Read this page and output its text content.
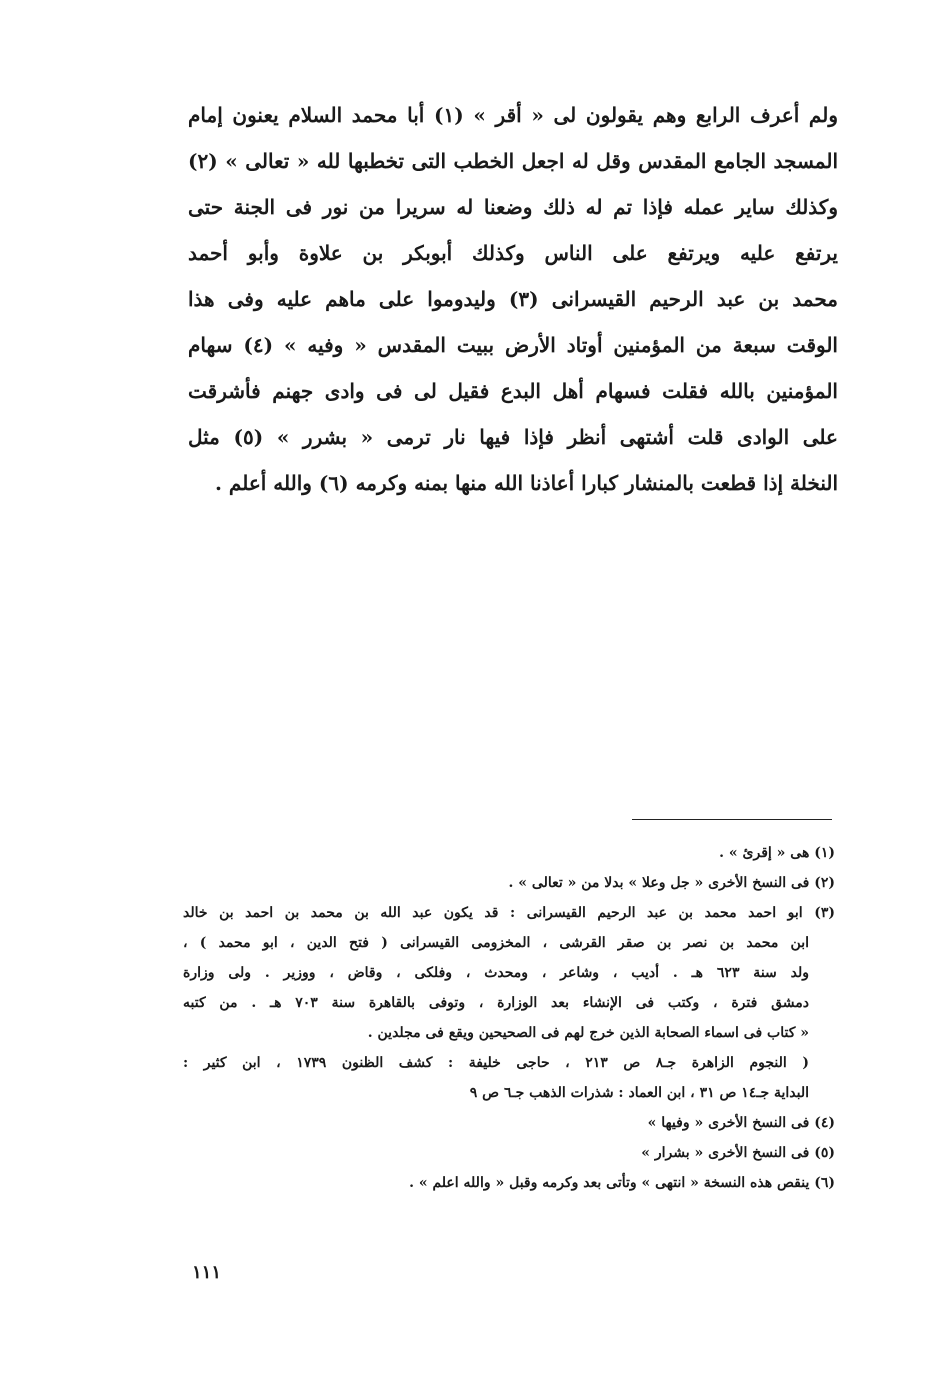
ولم أعرف الرابع وهم يقولون لى « أقر » (١) أبا محمد السلام يعنون إمام
المسجد الجامع المقدس وقل له اجعل الخطب التى تخطبها لله « تعالى » (٢)
وكذلك ساير عمله فإذا تم له ذلك وضعنا له سريرا من نور فى الجنة حتى
يرتفع عليه ويرتفع على الناس وكذلك أبوبكر بن علاوة وأبو أحمد
محمد بن عبد الرحيم القيسرانى (٣) وليدوموا على ماهم عليه وفى هذا
الوقت سبعة من المؤمنين أوتاد الأرض ببيت المقدس « وفيه » (٤) سهام
المؤمنين بالله فقلت فسهام أهل البدع فقيل لى فى وادى جهنم فأشرقت
على الوادى قلت أشتهى أنظر فإذا فيها نار ترمى « بشرر » (٥) مثل
النخلة إذا قطعت بالمنشار كبارا أعاذنا الله منها بمنه وكرمه (٦) والله أعلم .
(١) هى « إقرئ » .
(٢) فى النسخ الأخرى « جل وعلا » بدلا من « تعالى » .
(٣) ابو احمد محمد بن عبد الرحيم القيسرانى : قد يكون عبد الله بن محمد بن احمد بن خالد
ابن محمد بن نصر بن صقر القرشى ، المخزومى القيسرانى ( فتح الدين ، ابو محمد ) ،
ولد سنة ٦٢٣ هـ . أديب ، وشاعر ، ومحدث ، وفلكى ، وقاض ، ووزير . ولى وزارة
دمشق فترة ، وكتب فى الإنشاء بعد الوزارة ، وتوفى بالقاهرة سنة ٧٠٣ هـ . من كتبه
« كتاب فى اسماء الصحابة الذين خرج لهم فى الصحيحين ويقع فى مجلدين .
( النجوم الزاهرة جـ٨ ص ٢١٣ ، حاجى خليفة : كشف الظنون ١٧٣٩ ، ابن كثير :
البداية جـ١٤ ص ٣١ ، ابن العماد : شذرات الذهب جـ٦ ص ٩
(٤) فى النسخ الأخرى « وفيها »
(٥) فى النسخ الأخرى « بشرار »
(٦) ينقص هذه النسخة « انتهى » وتأتى بعد وكرمه وقبل « والله اعلم » .
١١١
